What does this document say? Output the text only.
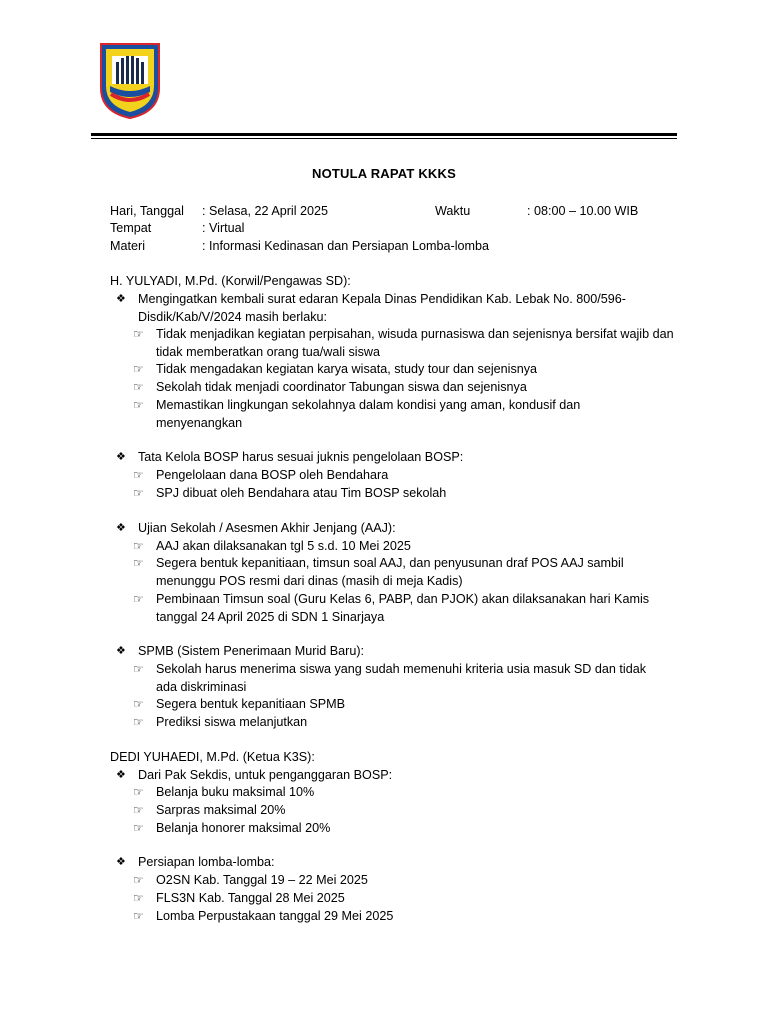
NOTULA RAPAT KKKS
Hari, Tanggal : Selasa, 22 April 2025	Waktu	: 08:00 – 10.00 WIB
Tempat	: Virtual
Materi	: Informasi Kedinasan dan Persiapan Lomba-lomba
H. YULYADI, M.Pd. (Korwil/Pengawas SD):
❖ Mengingatkan kembali surat edaran Kepala Dinas Pendidikan Kab. Lebak No. 800/596-Disdik/Kab/V/2024 masih berlaku:
☞ Tidak menjadikan kegiatan perpisahan, wisuda purnasiswa dan sejenisnya bersifat wajib dan tidak memberatkan orang tua/wali siswa
☞ Tidak mengadakan kegiatan karya wisata, study tour dan sejenisnya
☞ Sekolah tidak menjadi coordinator Tabungan siswa dan sejenisnya
☞ Memastikan lingkungan sekolahnya dalam kondisi yang aman, kondusif dan menyenangkan
❖ Tata Kelola BOSP harus sesuai juknis pengelolaan BOSP:
☞ Pengelolaan dana BOSP oleh Bendahara
☞ SPJ dibuat oleh Bendahara atau Tim BOSP sekolah
❖ Ujian Sekolah / Asesmen Akhir Jenjang (AAJ):
☞ AAJ akan dilaksanakan tgl 5 s.d. 10 Mei 2025
☞ Segera bentuk kepanitiaan, timsun soal AAJ, dan penyusunan draf POS AAJ sambil menunggu POS resmi dari dinas (masih di meja Kadis)
☞ Pembinaan Timsun soal (Guru Kelas 6, PABP, dan PJOK) akan dilaksanakan hari Kamis tanggal 24 April 2025 di SDN 1 Sinarjaya
❖ SPMB (Sistem Penerimaan Murid Baru):
☞ Sekolah harus menerima siswa yang sudah memenuhi kriteria usia masuk SD dan tidak ada diskriminasi
☞ Segera bentuk kepanitiaan SPMB
☞ Prediksi siswa melanjutkan
DEDI YUHAEDI, M.Pd. (Ketua K3S):
❖ Dari Pak Sekdis, untuk penganggaran BOSP:
☞ Belanja buku maksimal 10%
☞ Sarpras maksimal 20%
☞ Belanja honorer maksimal 20%
❖ Persiapan lomba-lomba:
☞ O2SN Kab. Tanggal 19 – 22 Mei 2025
☞ FLS3N Kab. Tanggal 28 Mei 2025
☞ Lomba Perpustakaan tanggal 29 Mei 2025
